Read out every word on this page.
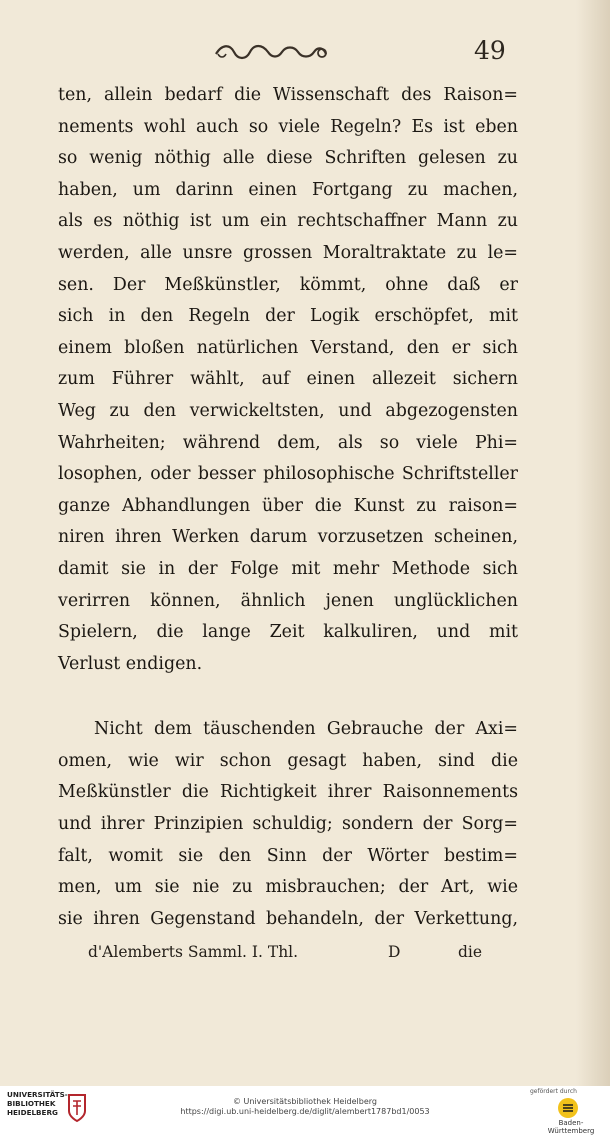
49
ten, allein bedarf die Wissenschaft des Raison=
nements wohl auch so viele Regeln? Es ist eben
so wenig nöthig alle diese Schriften gelesen zu
haben, um darinn einen Fortgang zu machen,
als es nöthig ist um ein rechtschaffner Mann zu
werden, alle unsre grossen Moraltraktate zu le=
sen. Der Meßkünstler, kömmt, ohne daß er
sich in den Regeln der Logik erschöpfet, mit
einem bloßen natürlichen Verstand, den er sich
zum Führer wählt, auf einen allezeit sichern
Weg zu den verwickeltsten, und abgezogensten
Wahrheiten; während dem, als so viele Phi=
losophen, oder besser philosophische Schriftsteller
ganze Abhandlungen über die Kunst zu raison=
niren ihren Werken darum vorzusetzen scheinen,
damit sie in der Folge mit mehr Methode sich
verirren können, ähnlich jenen unglücklichen
Spielern, die lange Zeit kalkuliren, und mit
Verlust endigen.
Nicht dem täuschenden Gebrauche der Axi=
omen, wie wir schon gesagt haben, sind die
Meßkünstler die Richtigkeit ihrer Raisonnements
und ihrer Prinzipien schuldig; sondern der Sorg=
falt, womit sie den Sinn der Wörter bestim=
men, um sie nie zu misbrauchen; der Art, wie
sie ihren Gegenstand behandeln, der Verkettung,
d'Alemberts Samml. I. Thl.	D	die
UNIVERSITÄTS-
BIBLIOTHEK
HEIDELBERG
© Universitätsbibliothek Heidelberg
https://digi.ub.uni-heidelberg.de/diglit/alembert1787bd1/0053
gefördert durch
Baden-Württemberg
